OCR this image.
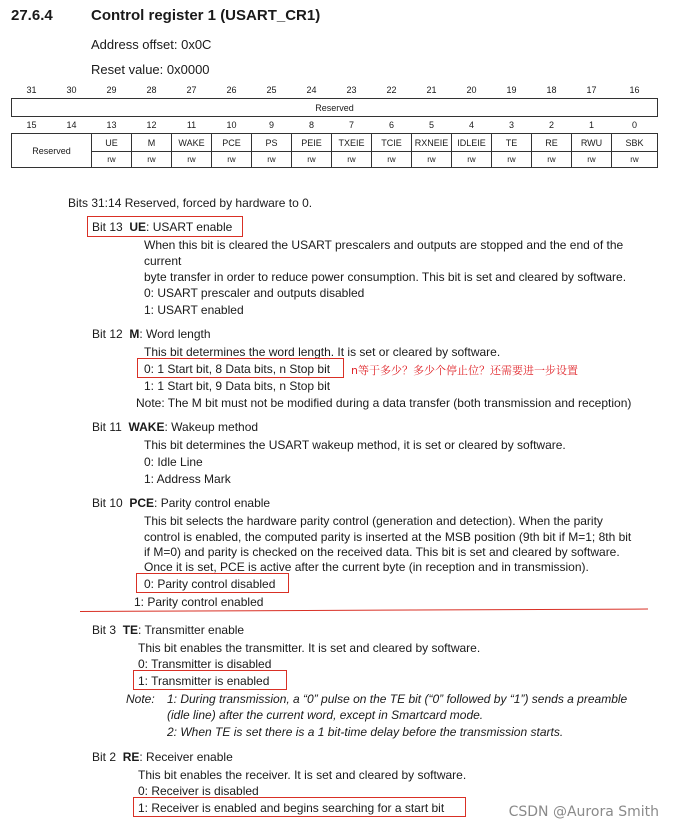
27.6.4	Control register 1 (USART_CR1)
Address offset: 0x0C
Reset value: 0x0000
31	30	29	28	27	26	25	24	23	22	21	20	19	18	17	16
Reserved															
15	14	13	12	11	10	9	8	7	6	5	4	3	2	1	0
Reserved		UE	M	WAKE	PCE	PS	PEIE	TXEIE	TCIE	RXNEIE	IDLEIE	TE	RE	RWU	SBK
		rw	rw	rw	rw	rw	rw	rw	rw	rw	rw	rw	rw	rw	rw
Bits 31:14 Reserved, forced by hardware to 0.
Bit 13 UE: USART enable
When this bit is cleared the USART prescalers and outputs are stopped and the end of the
current
byte transfer in order to reduce power consumption. This bit is set and cleared by software.
0: USART prescaler and outputs disabled
1: USART enabled
Bit 12 M: Word length
This bit determines the word length. It is set or cleared by software.
0: 1 Start bit, 8 Data bits, n Stop bit n等于多少？多少个停止位？还需要进一步设置
1: 1 Start bit, 9 Data bits, n Stop bit
Note: The M bit must not be modified during a data transfer (both transmission and reception)
Bit 11 WAKE: Wakeup method
This bit determines the USART wakeup method, it is set or cleared by software.
0: Idle Line
1: Address Mark
Bit 10 PCE: Parity control enable
This bit selects the hardware parity control (generation and detection). When the parity
control is enabled, the computed parity is inserted at the MSB position (9th bit if M=1; 8th bit
if M=0) and parity is checked on the received data. This bit is set and cleared by software.
Once it is set, PCE is active after the current byte (in reception and in transmission).
0: Parity control disabled
1: Parity control enabled
Bit 3 TE: Transmitter enable
This bit enables the transmitter. It is set and cleared by software.
0: Transmitter is disabled
1: Transmitter is enabled
Note: 1: During transmission, a “0” pulse on the TE bit (“0” followed by “1”) sends a preamble
(idle line) after the current word, except in Smartcard mode.
2: When TE is set there is a 1 bit-time delay before the transmission starts.
Bit 2 RE: Receiver enable
This bit enables the receiver. It is set and cleared by software.
0: Receiver is disabled
1: Receiver is enabled and begins searching for a start bit	CSDN @Aurora Smith
